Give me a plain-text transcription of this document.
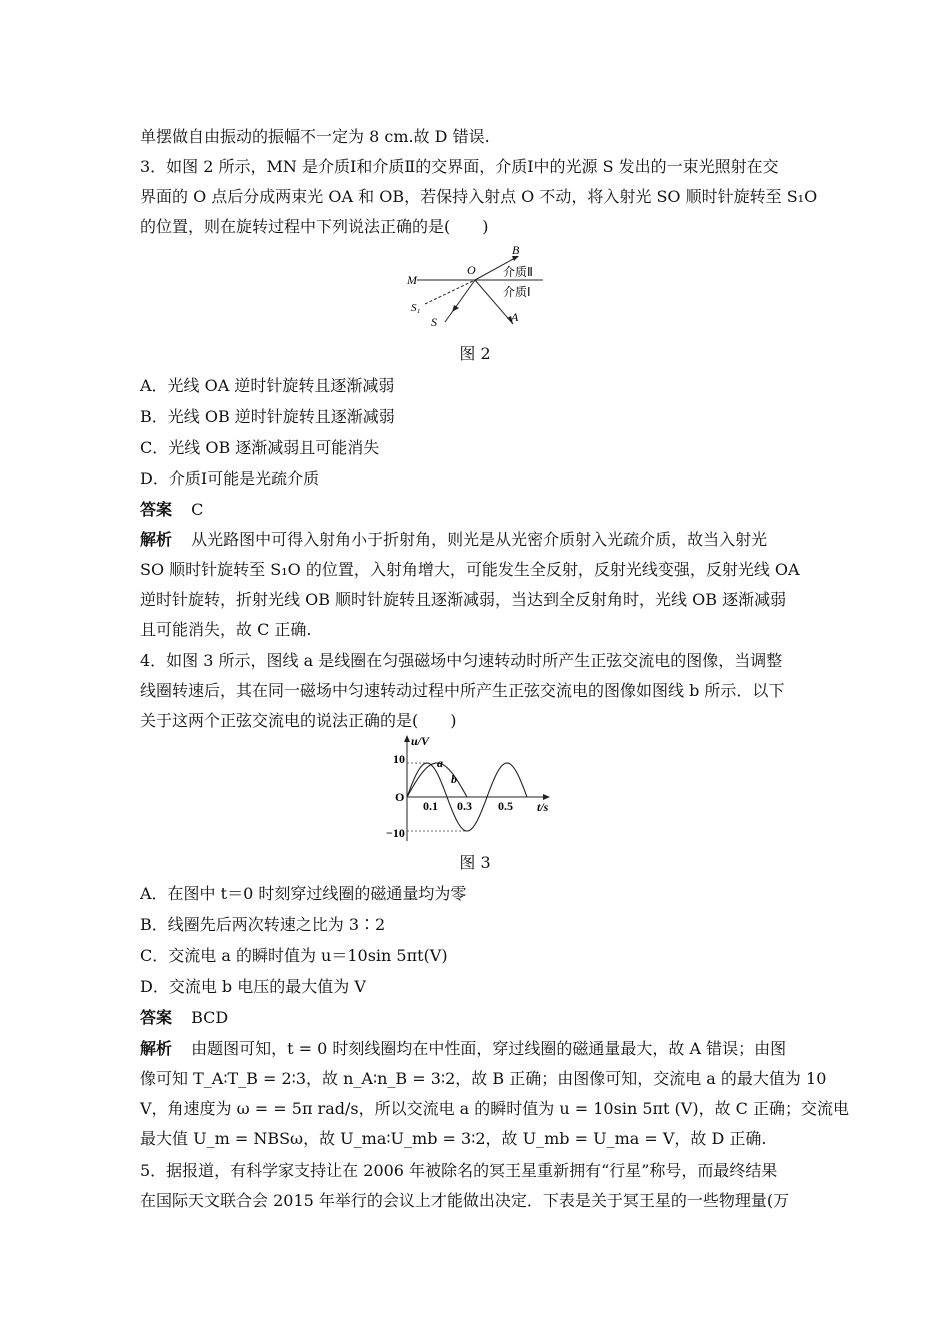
单摆做自由振动的振幅不一定为 8 cm.故 D 错误.
3．如图 2 所示，MN 是介质Ⅰ和介质Ⅱ的交界面，介质Ⅰ中的光源 S 发出的一束光照射在交
界面的 O 点后分成两束光 OA 和 OB，若保持入射点 O 不动，将入射光 SO 顺时针旋转至 S₁O
的位置，则在旋转过程中下列说法正确的是(　　)
M
O
B
A
S
S₁
介质Ⅱ
介质Ⅰ
图 2
A．光线 OA 逆时针旋转且逐渐减弱
B．光线 OB 逆时针旋转且逐渐减弱
C．光线 OB 逐渐减弱且可能消失
D．介质Ⅰ可能是光疏介质
答案 C
解析 从光路图中可得入射角小于折射角，则光是从光密介质射入光疏介质，故当入射光
SO 顺时针旋转至 S₁O 的位置，入射角增大，可能发生全反射，反射光线变强，反射光线 OA
逆时针旋转，折射光线 OB 顺时针旋转且逐渐减弱，当达到全反射角时，光线 OB 逐渐减弱
且可能消失，故 C 正确.
4．如图 3 所示，图线 a 是线圈在匀强磁场中匀速转动时所产生正弦交流电的图像，当调整
线圈转速后，其在同一磁场中匀速转动过程中所产生正弦交流电的图像如图线 b 所示．以下
关于这两个正弦交流电的说法正确的是(　　)
u/V
t/s
O
10
−10
0.1 0.3 0.5
a
b
图 3
A．在图中 t＝0 时刻穿过线圈的磁通量均为零
B．线圈先后两次转速之比为 3∶2
C．交流电 a 的瞬时值为 u＝10sin 5πt(V)
D．交流电 b 电压的最大值为 V
答案 BCD
解析 由题图可知，t = 0 时刻线圈均在中性面，穿过线圈的磁通量最大，故 A 错误；由图
像可知 T_A∶T_B = 2∶3，故 n_A∶n_B = 3∶2，故 B 正确；由图像可知，交流电 a 的最大值为 10
V，角速度为 ω = = 5π rad/s，所以交流电 a 的瞬时值为 u = 10sin 5πt (V)，故 C 正确；交流电
最大值 U_m = NBSω，故 U_ma∶U_mb = 3∶2，故 U_mb = U_ma = V，故 D 正确.
5．据报道，有科学家支持让在 2006 年被除名的冥王星重新拥有“行星”称号，而最终结果
在国际天文联合会 2015 年举行的会议上才能做出决定．下表是关于冥王星的一些物理量(万
